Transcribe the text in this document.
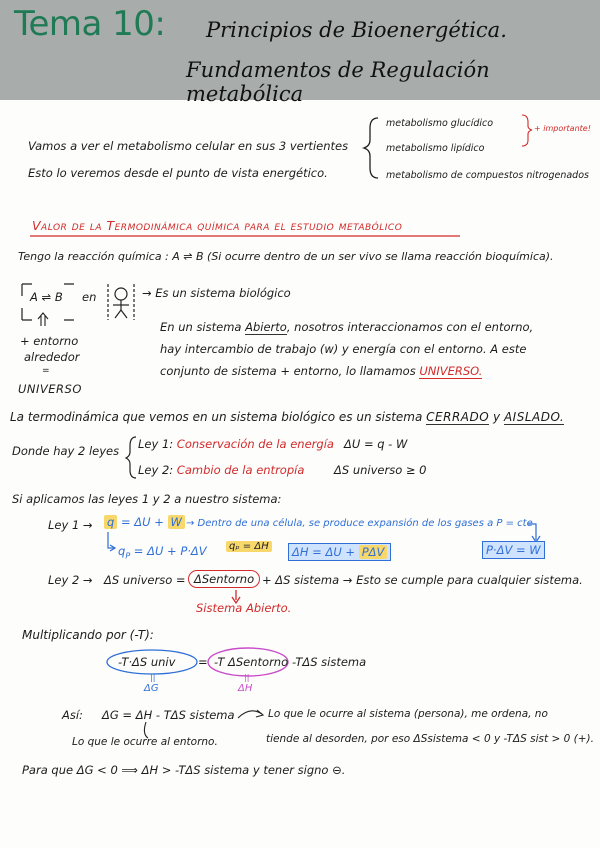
Tema 10: Principios de Bioenergética.
Fundamentos de Regulación metabólica
Vamos a ver el metabolismo celular en sus 3 vertientes
Esto lo veremos desde el punto de vista energético.
metabolismo glucídico
metabolismo lipídico
metabolismo de compuestos nitrogenados
+ importante!
Valor de la Termodinámica química para el estudio metabólico
Tengo la reacción química : A ⇌ B (Si ocurre dentro de un ser vivo se llama reacción bioquímica).
A ⇌ B en	→ Es un sistema biológico
+ entorno
alrededor
=
UNIVERSO
En un sistema Abierto, nosotros interaccionamos con el entorno,
hay intercambio de trabajo (w) y energía con el entorno. A este
conjunto de sistema + entorno, lo llamamos UNIVERSO.
La termodinámica que vemos en un sistema biológico es un sistema CERRADO y AISLADO.
Donde hay 2 leyes Ley 1: Conservación de la energía ΔU = q - W
Ley 2: Cambio de la entropía	ΔS universo ≥ 0
Si aplicamos las leyes 1 y 2 a nuestro sistema:
Ley 1 → q = ΔU + W → Dentro de una célula, se produce expansión de los gases a P = cte
$q_P = \Delta U + P\cdot\Delta V$	qₚ = ΔH	ΔH = ΔU + PΔV	P·ΔV = W
Ley 2 → ΔS universo = ΔSentorno + ΔS sistema → Esto se cumple para cualquier sistema.
Sistema Abierto.
Multiplicando por (-T):
-T·ΔS univ = -T ΔSentorno -TΔS sistema
||
ΔG
||
ΔH
Así: ΔG = ΔH - TΔS sistema	Lo que le ocurre al sistema (persona), me ordena, no
Lo que le ocurre al entorno.	tiende al desorden, por eso ΔSsistema < 0 y -TΔS sist > 0 (+).
Para que ΔG < 0 ⟹ ΔH > -TΔS sistema y tener signo ⊖.
